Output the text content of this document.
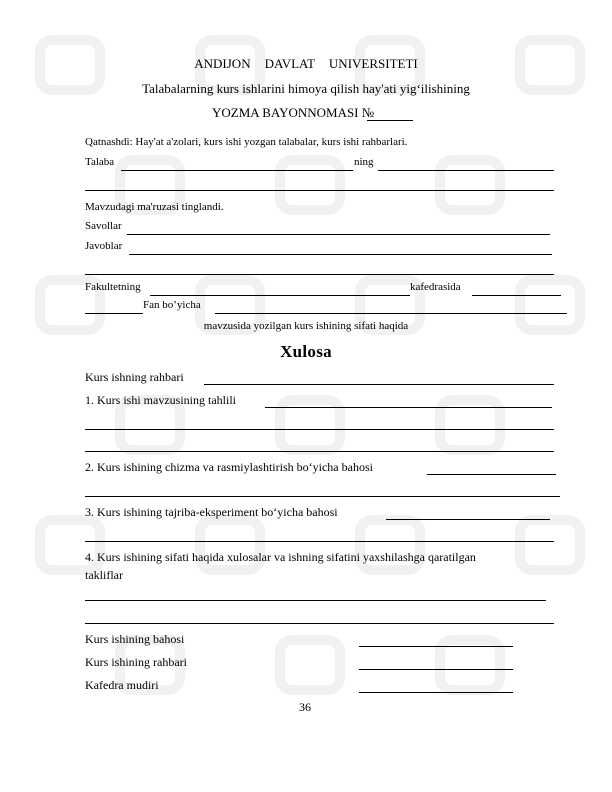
ANDIJON DAVLAT UNIVERSITETI
Talabalarning kurs ishlarini himoya qilish hay'ati yig‘ilishining
YOZMA BAYONNOMASI №
Qatnashdi: Hay'at a'zolari, kurs ishi yozgan talabalar, kurs ishi rahbarlari.
Talaba	ning
Mavzudagi ma'ruzasi tinglandi.
Savollar
Javoblar
Fakultetning	kafedrasida
Fan bo’yicha
mavzusida yozilgan kurs ishining sifati haqida
Xulosa
Kurs ishning rahbari
1. Kurs ishi mavzusining tahlili
2. Kurs ishining chizma va rasmiylashtirish bo‘yicha bahosi
3. Kurs ishining tajriba-eksperiment bo‘yicha bahosi
4. Kurs ishining sifati haqida xulosalar va ishning sifatini yaxshilashga qaratilgan
takliflar
Kurs ishining bahosi
Kurs ishining rahbari
Kafedra mudiri
36
